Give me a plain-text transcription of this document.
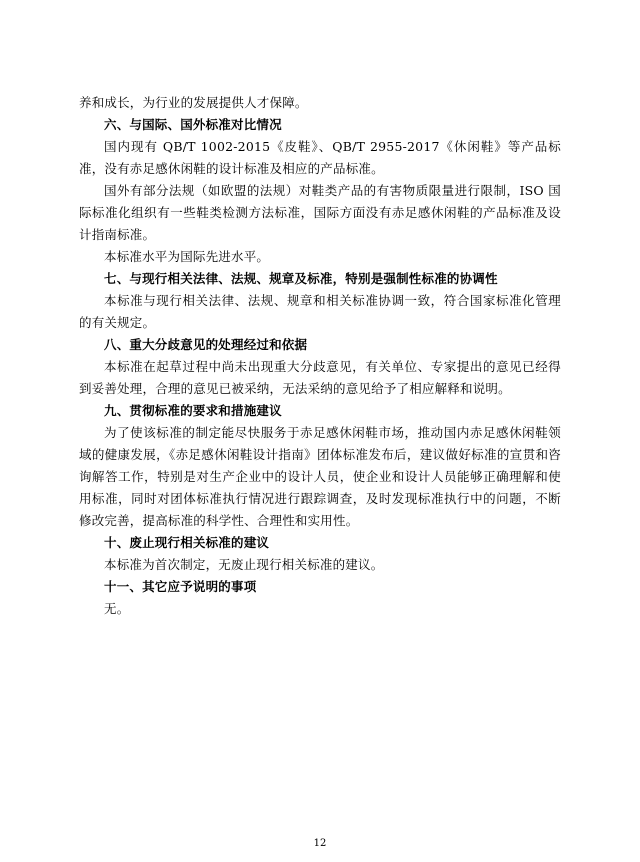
养和成长，为行业的发展提供人才保障。

六、与国际、国外标准对比情况

国内现有 QB/T 1002-2015《皮鞋》、QB/T 2955-2017《休闲鞋》等产品标准，没有赤足感休闲鞋的设计标准及相应的产品标准。

国外有部分法规（如欧盟的法规）对鞋类产品的有害物质限量进行限制，ISO 国际标准化组织有一些鞋类检测方法标准，国际方面没有赤足感休闲鞋的产品标准及设计指南标准。

本标准水平为国际先进水平。

七、与现行相关法律、法规、规章及标准，特别是强制性标准的协调性

本标准与现行相关法律、法规、规章和相关标准协调一致，符合国家标准化管理的有关规定。

八、重大分歧意见的处理经过和依据

本标准在起草过程中尚未出现重大分歧意见，有关单位、专家提出的意见已经得到妥善处理，合理的意见已被采纳，无法采纳的意见给予了相应解释和说明。

九、贯彻标准的要求和措施建议

为了使该标准的制定能尽快服务于赤足感休闲鞋市场，推动国内赤足感休闲鞋领域的健康发展，《赤足感休闲鞋设计指南》团体标准发布后，建议做好标准的宣贯和咨询解答工作，特别是对生产企业中的设计人员，使企业和设计人员能够正确理解和使用标准，同时对团体标准执行情况进行跟踪调查，及时发现标准执行中的问题，不断修改完善，提高标准的科学性、合理性和实用性。

十、废止现行相关标准的建议

本标准为首次制定，无废止现行相关标准的建议。

十一、其它应予说明的事项

无。

12
